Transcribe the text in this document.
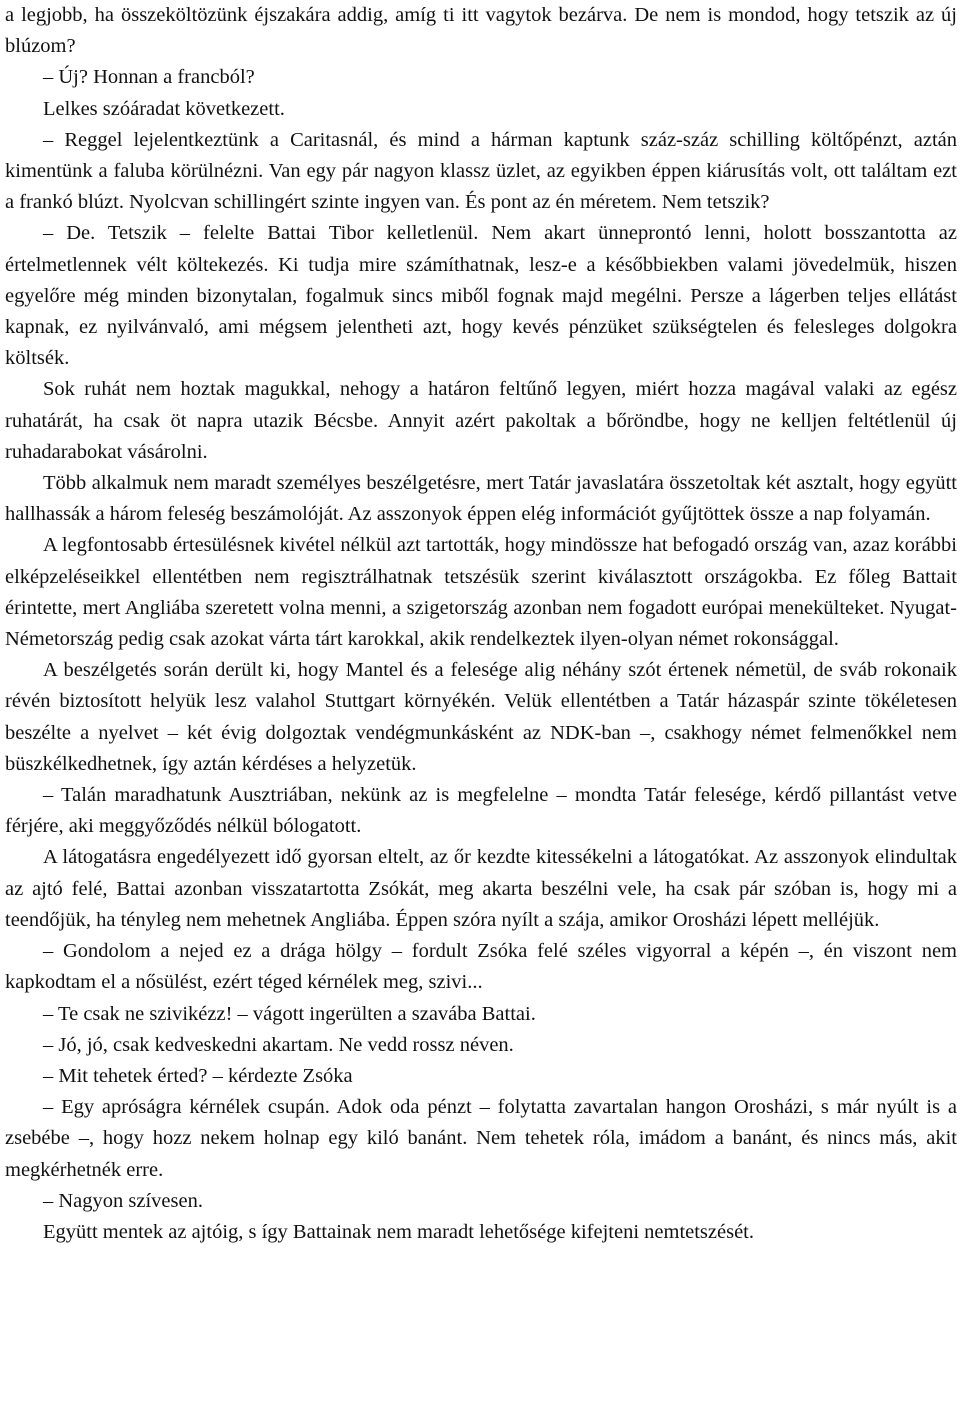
a legjobb, ha összeköltözünk éjszakára addig, amíg ti itt vagytok bezárva. De nem is mondod, hogy tetszik az új blúzom?

– Új? Honnan a francból?

Lelkes szóáradat következett.

– Reggel lejelentkeztünk a Caritasnál, és mind a hárman kaptunk száz-száz schilling költőpénzt, aztán kimentünk a faluba körülnézni. Van egy pár nagyon klassz üzlet, az egyikben éppen kiárusítás volt, ott találtam ezt a frankó blúzt. Nyolcvan schillingért szinte ingyen van. És pont az én méretem. Nem tetszik?

– De. Tetszik – felelte Battai Tibor kelletlenül. Nem akart ünneprontó lenni, holott bosszantotta az értelmetlennek vélt költekezés. Ki tudja mire számíthatnak, lesz-e a későbbiekben valami jövedelmük, hiszen egyelőre még minden bizonytalan, fogalmuk sincs miből fognak majd megélni. Persze a lágerben teljes ellátást kapnak, ez nyilvánvaló, ami mégsem jelentheti azt, hogy kevés pénzüket szükségtelen és felesleges dolgokra költsék.

Sok ruhát nem hoztak magukkal, nehogy a határon feltűnő legyen, miért hozza magával valaki az egész ruhatárát, ha csak öt napra utazik Bécsbe. Annyit azért pakoltak a bőröndbe, hogy ne kelljen feltétlenül új ruhadarabokat vásárolni.

Több alkalmuk nem maradt személyes beszélgetésre, mert Tatár javaslatára összetoltak két asztalt, hogy együtt hallhassák a három feleség beszámolóját. Az asszonyok éppen elég információt gyűjtöttek össze a nap folyamán.

A legfontosabb értesülésnek kivétel nélkül azt tartották, hogy mindössze hat befogadó ország van, azaz korábbi elképzeléseikkel ellentétben nem regisztrálhatnak tetszésük szerint kiválasztott országokba. Ez főleg Battait érintette, mert Angliába szeretett volna menni, a szigetország azonban nem fogadott európai menekülteket. Nyugat-Németország pedig csak azokat várta tárt karokkal, akik rendelkeztek ilyen-olyan német rokonsággal.

A beszélgetés során derült ki, hogy Mantel és a felesége alig néhány szót értenek németül, de sváb rokonaik révén biztosított helyük lesz valahol Stuttgart környékén. Velük ellentétben a Tatár házaspár szinte tökéletesen beszélte a nyelvet – két évig dolgoztak vendégmunkásként az NDK-ban –, csakhogy német felmenőkkel nem büszkélkedhetnek, így aztán kérdéses a helyzetük.

– Talán maradhatunk Ausztriában, nekünk az is megfelelne – mondta Tatár felesége, kérdő pillantást vetve férjére, aki meggyőződés nélkül bólogatott.

A látogatásra engedélyezett idő gyorsan eltelt, az őr kezdte kitessékelni a látogatókat. Az asszonyok elindultak az ajtó felé, Battai azonban visszatartotta Zsókát, meg akarta beszélni vele, ha csak pár szóban is, hogy mi a teendőjük, ha tényleg nem mehetnek Angliába. Éppen szóra nyílt a szája, amikor Orosházi lépett melléjük.

– Gondolom a nejed ez a drága hölgy – fordult Zsóka felé széles vigyorral a képén –, én viszont nem kapkodtam el a nősülést, ezért téged kérnélek meg, szivi...

– Te csak ne szivikézz! – vágott ingerülten a szavába Battai.

– Jó, jó, csak kedveskedni akartam. Ne vedd rossz néven.

– Mit tehetek érted? – kérdezte Zsóka

– Egy apróságra kérnélek csupán. Adok oda pénzt – folytatta zavartalan hangon Orosházi, s már nyúlt is a zsebébe –, hogy hozz nekem holnap egy kiló banánt. Nem tehetek róla, imádom a banánt, és nincs más, akit megkérhetnék erre.

– Nagyon szívesen.

Együtt mentek az ajtóig, s így Battainak nem maradt lehetősége kifejteni nemtetszését.
